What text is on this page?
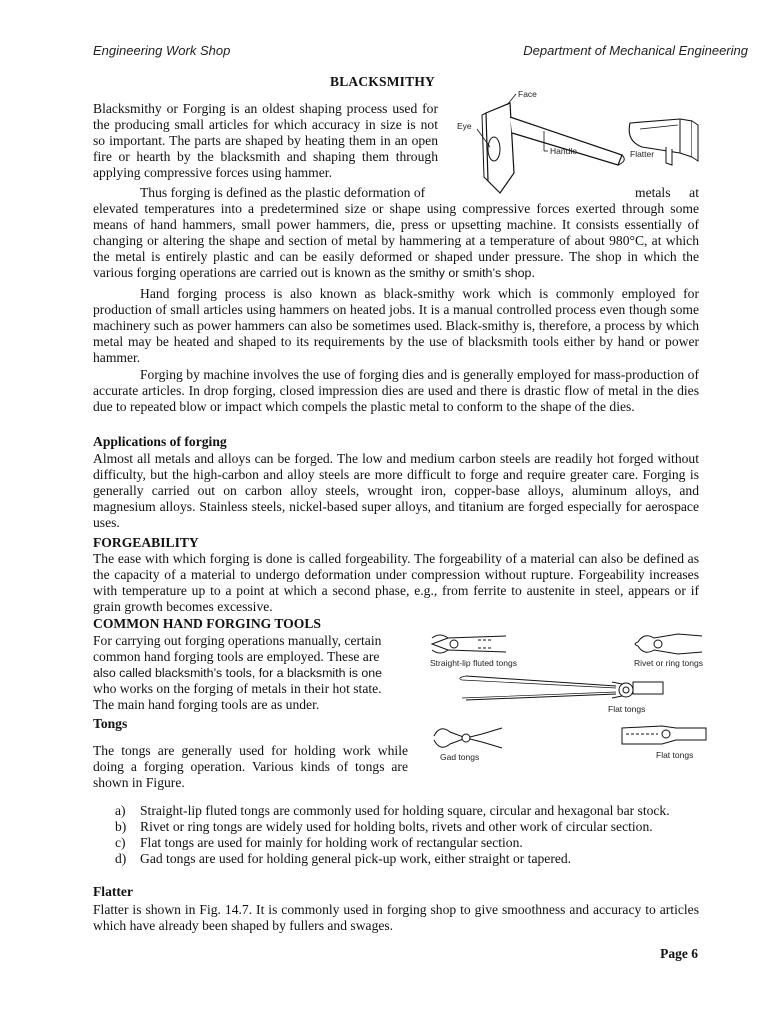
Engineering Work Shop	Department of Mechanical Engineering
BLACKSMITHY
Blacksmithy or Forging is an oldest shaping process used for the producing small articles for which accuracy in size is not so important. The parts are shaped by heating them in an open fire or hearth by the blacksmith and shaping them through applying compressive forces using hammer.
Face
Eye
Handle	Flatter
Thus forging is defined as the plastic deformation of	metals at elevated temperatures into a predetermined size or shape using compressive forces exerted through some means of hand hammers, small power hammers, die, press or upsetting machine. It consists essentially of changing or altering the shape and section of metal by hammering at a temperature of about 980°C, at which the metal is entirely plastic and can be easily deformed or shaped under pressure. The shop in which the various forging operations are carried out is known as the smithy or smith’s shop.
Hand forging process is also known as black-smithy work which is commonly employed for production of small articles using hammers on heated jobs. It is a manual controlled process even though some machinery such as power hammers can also be sometimes used. Black-smithy is, therefore, a process by which metal may be heated and shaped to its requirements by the use of blacksmith tools either by hand or power hammer.
Forging by machine involves the use of forging dies and is generally employed for mass-production of accurate articles. In drop forging, closed impression dies are used and there is drastic flow of metal in the dies due to repeated blow or impact which compels the plastic metal to conform to the shape of the dies.
Applications of forging
Almost all metals and alloys can be forged. The low and medium carbon steels are readily hot forged without difficulty, but the high-carbon and alloy steels are more difficult to forge and require greater care. Forging is generally carried out on carbon alloy steels, wrought iron, copper-base alloys, aluminum alloys, and magnesium alloys. Stainless steels, nickel-based super alloys, and titanium are forged especially for aerospace uses.
FORGEABILITY
The ease with which forging is done is called forgeability. The forgeability of a material can also be defined as the capacity of a material to undergo deformation under compression without rupture. Forgeability increases with temperature up to a point at which a second phase, e.g., from ferrite to austenite in steel, appears or if grain growth becomes excessive.
COMMON HAND FORGING TOOLS
For carrying out forging operations manually, certain
common hand forging tools are employed. These are
also called blacksmith’s tools, for a blacksmith is one
who works on the forging of metals in their hot state.
The main hand forging tools are as under.
Tongs
The tongs are generally used for holding work while doing a forging operation. Various kinds of tongs are shown in Figure.
Straight-lip fluted tongs	Rivet or ring tongs
Flat tongs
Gad tongs	Flat tongs
a) Straight-lip fluted tongs are commonly used for holding square, circular and hexagonal bar stock.
b) Rivet or ring tongs are widely used for holding bolts, rivets and other work of circular section.
c) Flat tongs are used for mainly for holding work of rectangular section.
d) Gad tongs are used for holding general pick-up work, either straight or tapered.
Flatter
Flatter is shown in Fig. 14.7. It is commonly used in forging shop to give smoothness and accuracy to articles which have already been shaped by fullers and swages.
Page 6
